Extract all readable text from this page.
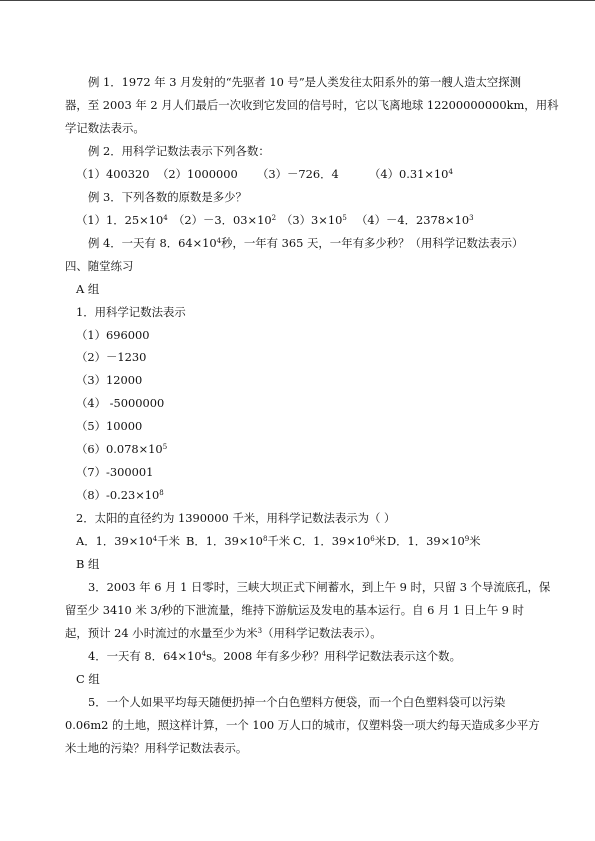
例 1．1972 年 3 月发射的“先驱者 10 号”是人类发往太阳系外的第一艘人造太空探测
器，至 2003 年 2 月人们最后一次收到它发回的信号时，它以飞离地球 12200000000km，用科
学记数法表示。
例 2．用科学记数法表示下列各数：
（1）400320 （2）1000000 （3）－726．4	$(4)0.31\times 10^4$
例 3．下列各数的原数是多少？
（1）1．$25\times 10^4$ （2）－3．$03\times 10^2$ $(3)3\times 10^5$ （4）－4．$2378\times 10^3$
例 4．一天有 8．$64\times 10^4$秒，一年有 365 天，一年有多少秒？（用科学记数法表示）
四、随堂练习
A 组
1．用科学记数法表示
（1）696000
（2）－1230
（3）12000
（4） -5000000
（5）10000
$(6)0.078\times 10^5$
（7）-300001
$(8)-0.23\times 10^8$
2．太阳的直径约为 1390000 千米，用科学记数法表示为（ ）
A．1．$39\times 10^4$千米 B．1．$39\times 10^8$千米 C．1．$39\times 10^6$米D．1．$39\times 10^9$米
B 组
3．2003 年 6 月 1 日零时，三峡大坝正式下闸蓄水，到上午 9 时，只留 3 个导流底孔，保
留至少 3410 米 3/秒的下泄流量，维持下游航运及发电的基本运行。自 6 月 1 日上午 9 时
起，预计 24 小时流过的水量至少为米$^3$（用科学记数法表示）。
4．一天有 8．$64\times 10^4s$。2008 年有多少秒？用科学记数法表示这个数。
C 组
5．一个人如果平均每天随便扔掉一个白色塑料方便袋，而一个白色塑料袋可以污染
0.06m2 的土地，照这样计算，一个 100 万人口的城市，仅塑料袋一项大约每天造成多少平方
米土地的污染？用科学记数法表示。
